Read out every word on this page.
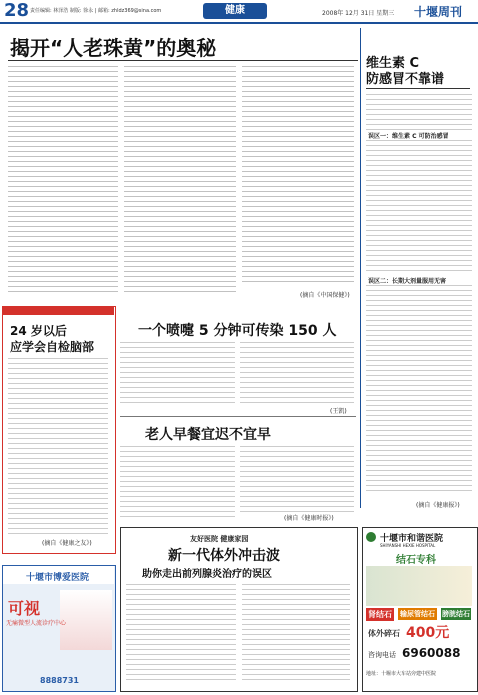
28 责任编辑: 林泽浩 制版: 徐永 | 邮箱: zhldz369@sina.com	健康	2008年 12月 31日 星期三 十堰周刊
揭开“人老珠黄”的奥秘
(摘自《中国保健》)
维生素 C
防感冒不靠谱
误区一：维生素 C 可防治感冒
误区二：长期大剂量服用无害
(摘自《健康报》)
24 岁以后
应学会自检脑部
(摘自《健康之友》)
一个喷嚏 5 分钟可传染 150 人
(王凯)
老人早餐宜迟不宜早
(摘自《健康时报》)
十堰市博爱医院
可视
无痛微型人流诊疗中心
8888731
友好医院 健康家园
新一代体外冲击波
助你走出前列腺炎治疗的误区
十堰市和谐医院
SHIYANSHI HEXIE HOSPITAL
结石专科
肾结石 输尿管结石 膀胱结石
体外碎石 400元
咨询电话 6960088
地址：十堰市大车站旁建中医院
